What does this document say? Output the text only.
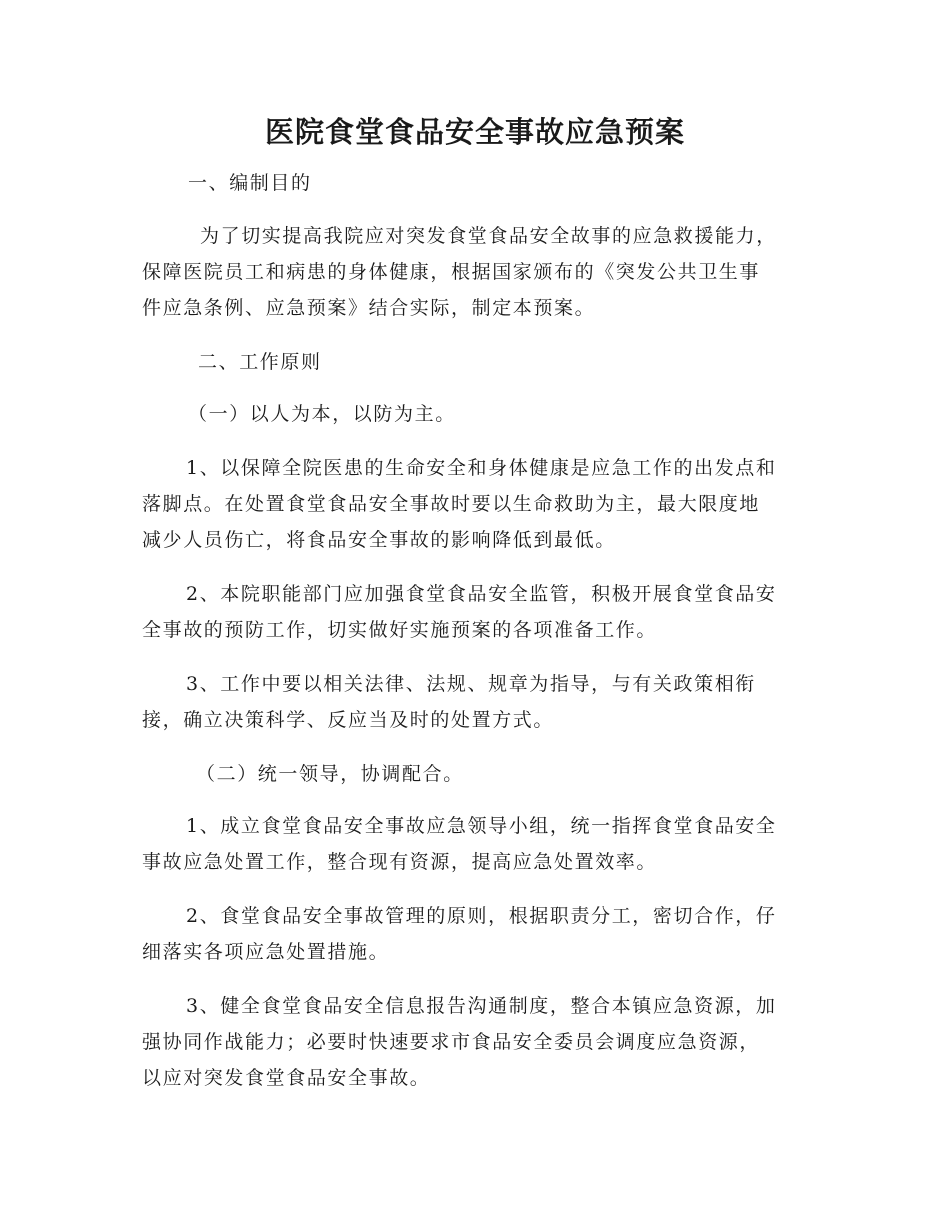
医院食堂食品安全事故应急预案
一、编制目的
为了切实提高我院应对突发食堂食品安全故事的应急救援能力，
保障医院员工和病患的身体健康，根据国家颁布的《突发公共卫生事
件应急条例、应急预案》结合实际，制定本预案。
二、工作原则
（一）以人为本，以防为主。
1、以保障全院医患的生命安全和身体健康是应急工作的出发点和
落脚点。在处置食堂食品安全事故时要以生命救助为主，最大限度地
减少人员伤亡，将食品安全事故的影响降低到最低。
2、本院职能部门应加强食堂食品安全监管，积极开展食堂食品安
全事故的预防工作，切实做好实施预案的各项准备工作。
3、工作中要以相关法律、法规、规章为指导，与有关政策相衔
接，确立决策科学、反应当及时的处置方式。
（二）统一领导，协调配合。
1、成立食堂食品安全事故应急领导小组，统一指挥食堂食品安全
事故应急处置工作，整合现有资源，提高应急处置效率。
2、食堂食品安全事故管理的原则，根据职责分工，密切合作，仔
细落实各项应急处置措施。
3、健全食堂食品安全信息报告沟通制度，整合本镇应急资源，加
强协同作战能力；必要时快速要求市食品安全委员会调度应急资源，
以应对突发食堂食品安全事故。
